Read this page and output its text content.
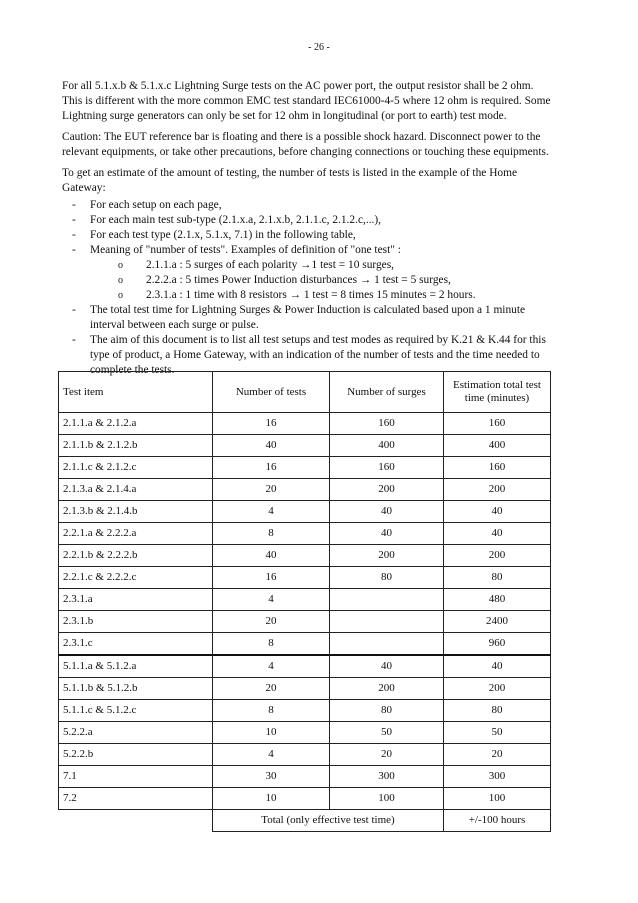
- 26 -

For all 5.1.x.b & 5.1.x.c Lightning Surge tests on the AC power port, the output resistor shall be 2 ohm. This is different with the more common EMC test standard IEC61000-4-5 where 12 ohm is required. Some Lightning surge generators can only be set for 12 ohm in longitudinal (or port to earth) test mode.

Caution: The EUT reference bar is floating and there is a possible shock hazard. Disconnect power to the relevant equipments, or take other precautions, before changing connections or touching these equipments.

To get an estimate of the amount of testing, the number of tests is listed in the example of the Home Gateway:

- For each setup on each page,
- For each main test sub-type (2.1.x.a, 2.1.x.b, 2.1.1.c, 2.1.2.c,...),
- For each test type (2.1.x, 5.1.x, 7.1) in the following table,
- Meaning of "number of tests". Examples of definition of "one test" :
o 2.1.1.a : 5 surges of each polarity →1 test = 10 surges,
o 2.2.2.a : 5 times Power Induction disturbances → 1 test = 5 surges,
o 2.3.1.a : 1 time with 8 resistors → 1 test = 8 times 15 minutes = 2 hours.
- The total test time for Lightning Surges & Power Induction is calculated based upon a 1 minute interval between each surge or pulse.
- The aim of this document is to list all test setups and test modes as required by K.21 & K.44 for this type of product, a Home Gateway, with an indication of the number of tests and the time needed to complete the tests.
Test item	Number of tests	Number of surges	Estimation total test time (minutes)
2.1.1.a & 2.1.2.a	16	160	160
2.1.1.b & 2.1.2.b	40	400	400
2.1.1.c & 2.1.2.c	16	160	160
2.1.3.a & 2.1.4.a	20	200	200
2.1.3.b & 2.1.4.b	4	40	40
2.2.1.a & 2.2.2.a	8	40	40
2.2.1.b & 2.2.2.b	40	200	200
2.2.1.c & 2.2.2.c	16	80	80
2.3.1.a	4		480
2.3.1.b	20		2400
2.3.1.c	8		960
5.1.1.a & 5.1.2.a	4	40	40
5.1.1.b & 5.1.2.b	20	200	200
5.1.1.c & 5.1.2.c	8	80	80
5.2.2.a	10	50	50
5.2.2.b	4	20	20
7.1	30	300	300
7.2	10	100	100
	Total (only effective test time)		+/-100 hours
